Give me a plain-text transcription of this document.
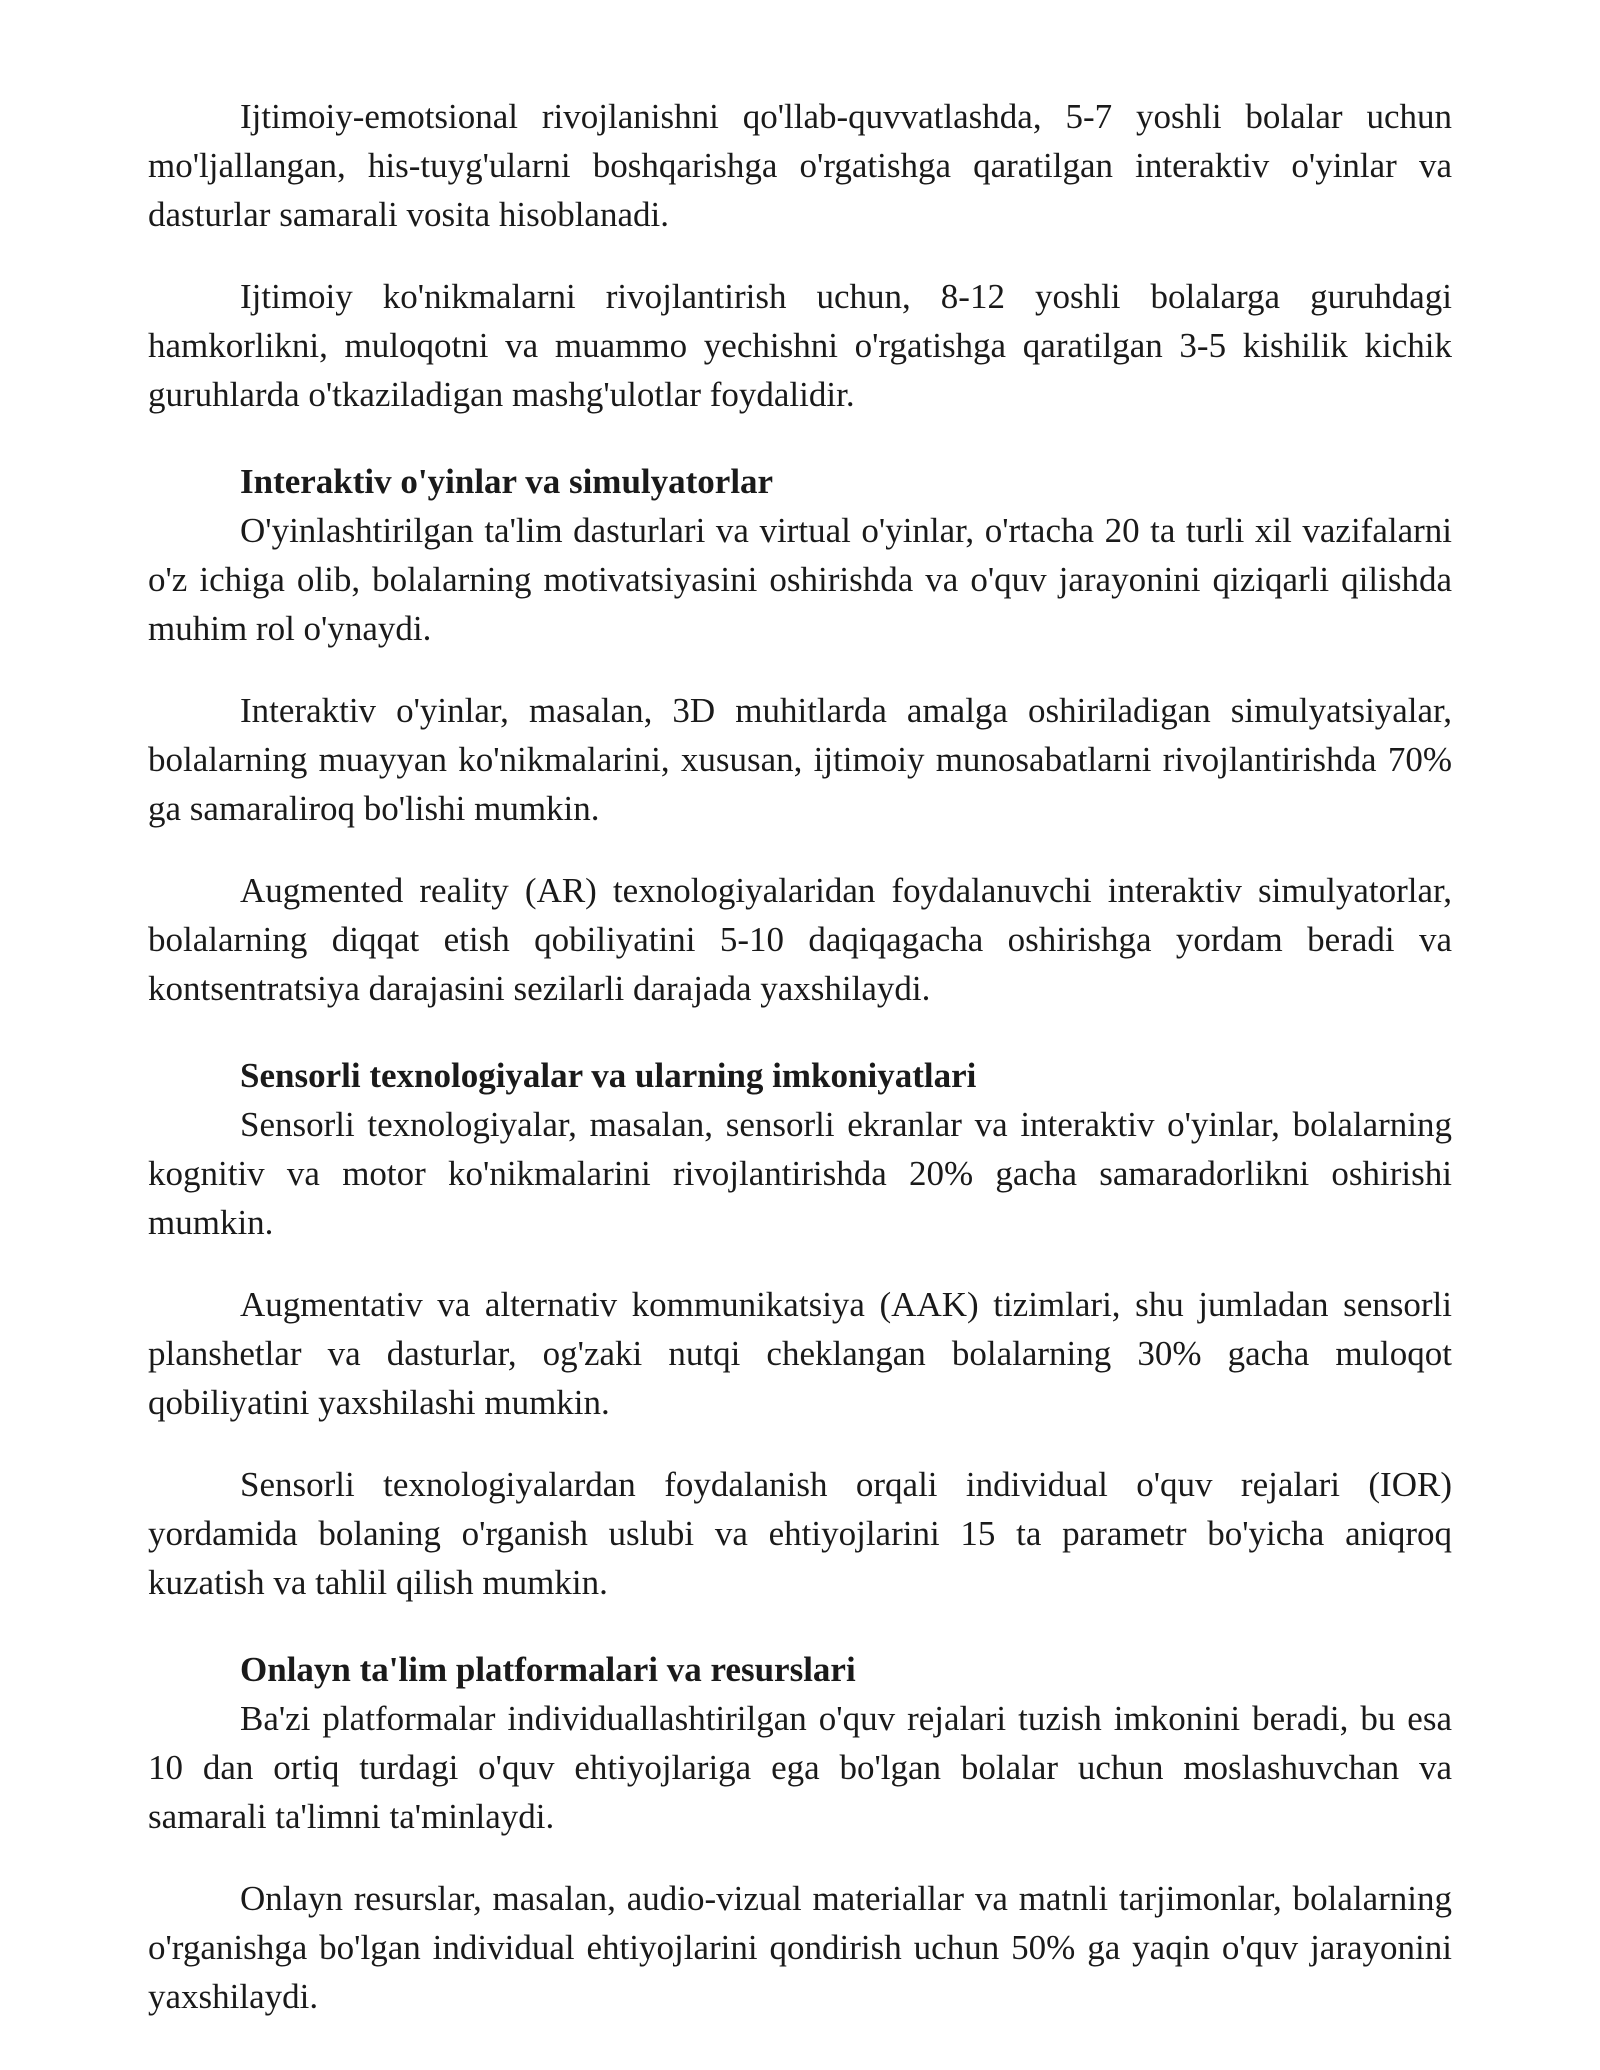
Ijtimoiy-emotsional rivojlanishni qo'llab-quvvatlashda, 5-7 yoshli bolalar uchun mo'ljallangan, his-tuyg'ularni boshqarishga o'rgatishga qaratilgan interaktiv o'yinlar va dasturlar samarali vosita hisoblanadi.

Ijtimoiy ko'nikmalarni rivojlantirish uchun, 8-12 yoshli bolalarga guruhdagi hamkorlikni, muloqotni va muammo yechishni o'rgatishga qaratilgan 3-5 kishilik kichik guruhlarda o'tkaziladigan mashg'ulotlar foydalidir.

Interaktiv o'yinlar va simulyatorlar

O'yinlashtirilgan ta'lim dasturlari va virtual o'yinlar, o'rtacha 20 ta turli xil vazifalarni o'z ichiga olib, bolalarning motivatsiyasini oshirishda va o'quv jarayonini qiziqarli qilishda muhim rol o'ynaydi.

Interaktiv o'yinlar, masalan, 3D muhitlarda amalga oshiriladigan simulyatsiyalar, bolalarning muayyan ko'nikmalarini, xususan, ijtimoiy munosabatlarni rivojlantirishda 70% ga samaraliroq bo'lishi mumkin.

Augmented reality (AR) texnologiyalaridan foydalanuvchi interaktiv simulyatorlar, bolalarning diqqat etish qobiliyatini 5-10 daqiqagacha oshirishga yordam beradi va kontsentratsiya darajasini sezilarli darajada yaxshilaydi.

Sensorli texnologiyalar va ularning imkoniyatlari

Sensorli texnologiyalar, masalan, sensorli ekranlar va interaktiv o'yinlar, bolalarning kognitiv va motor ko'nikmalarini rivojlantirishda 20% gacha samaradorlikni oshirishi mumkin.

Augmentativ va alternativ kommunikatsiya (AAK) tizimlari, shu jumladan sensorli planshetlar va dasturlar, og'zaki nutqi cheklangan bolalarning 30% gacha muloqot qobiliyatini yaxshilashi mumkin.

Sensorli texnologiyalardan foydalanish orqali individual o'quv rejalari (IOR) yordamida bolaning o'rganish uslubi va ehtiyojlarini 15 ta parametr bo'yicha aniqroq kuzatish va tahlil qilish mumkin.

Onlayn ta'lim platformalari va resurslari

Ba'zi platformalar individuallashtirilgan o'quv rejalari tuzish imkonini beradi, bu esa 10 dan ortiq turdagi o'quv ehtiyojlariga ega bo'lgan bolalar uchun moslashuvchan va samarali ta'limni ta'minlaydi.

Onlayn resurslar, masalan, audio-vizual materiallar va matnli tarjimonlar, bolalarning o'rganishga bo'lgan individual ehtiyojlarini qondirish uchun 50% ga yaqin o'quv jarayonini yaxshilaydi.
